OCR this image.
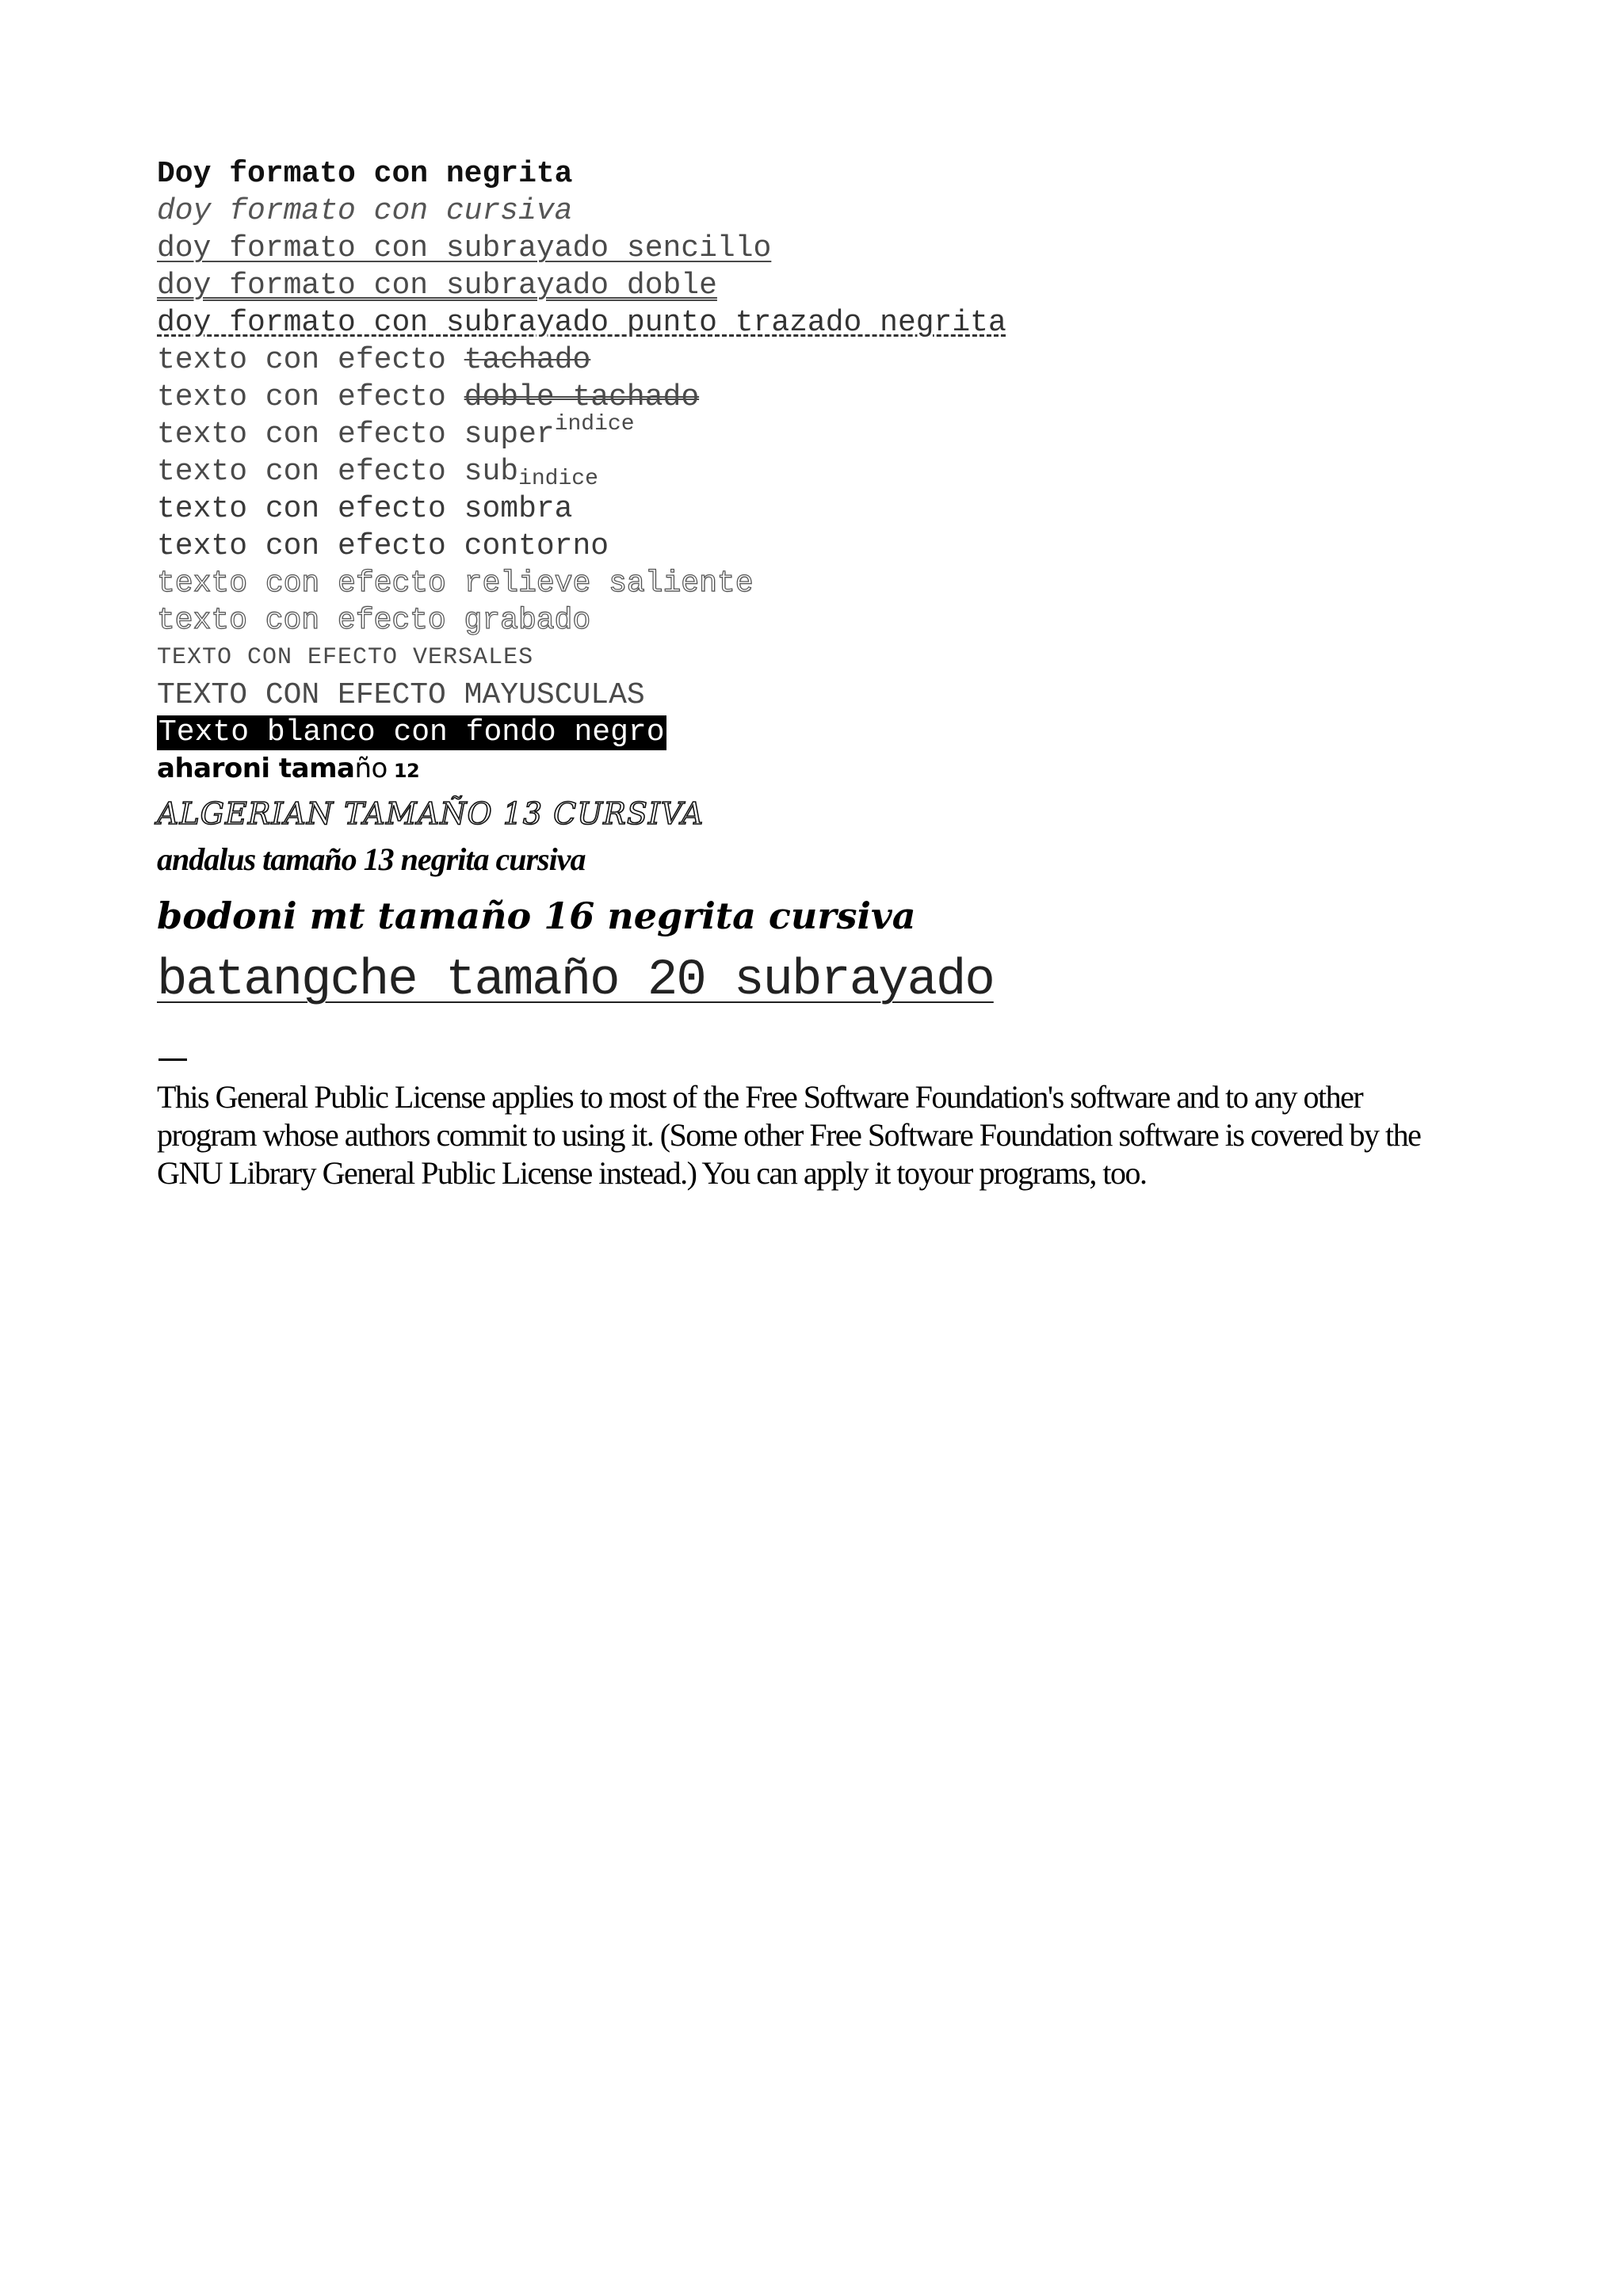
Doy formato con negrita
doy formato con cursiva
doy formato con subrayado sencillo
doy formato con subrayado doble
doy formato con subrayado punto trazado negrita
texto con efecto tachado
texto con efecto doble tachado
texto con efecto super$^{indice}$
texto con efecto sub$_{indice}$
texto con efecto sombra
texto con efecto contorno
texto con efecto relieve saliente
texto con efecto grabado
TEXTO CON EFECTO VERSALES
TEXTO CON EFECTO MAYUSCULAS
Texto blanco con fondo negro
aharoni tamaño 12
ALGERIAN TAMAÑO 13 CURSIVA
andalus tamaño 13 negrita cursiva
bodoni mt tamaño 16 negrita cursiva
batangche tamaño 20 subrayado
This General Public License applies to most of the Free Software Foundation's software and to any other program whose authors commit to using it. (Some other Free Software Foundation software is covered by the GNU Library General Public License instead.) You can apply it toyour programs, too.
